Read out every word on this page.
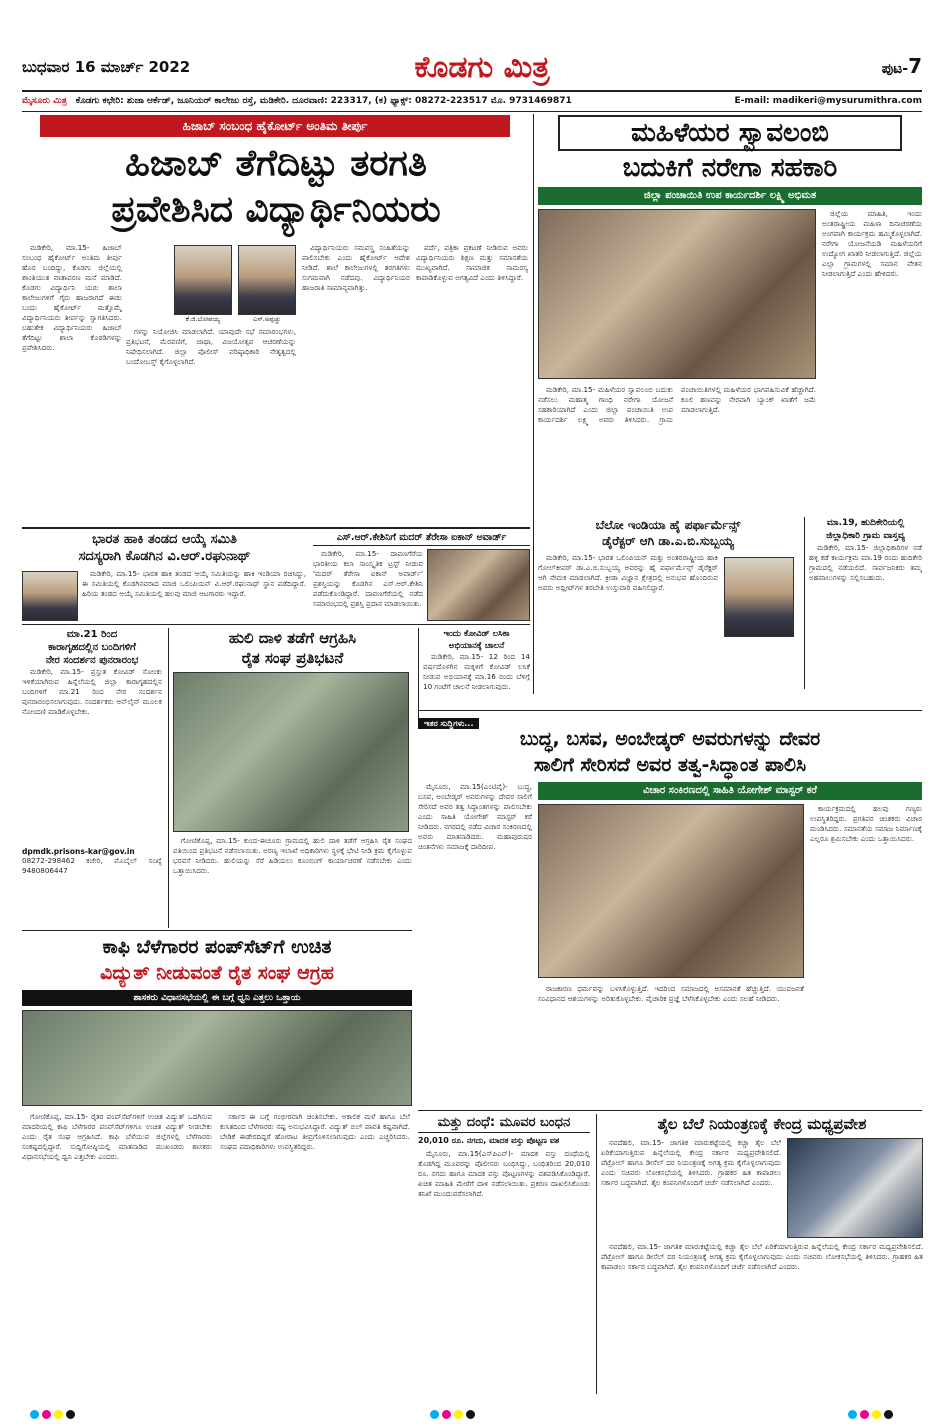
ಬುಧವಾರ 16 ಮಾರ್ಚ್ 2022	ಕೊಡಗು ಮಿತ್ರ	ಪುಟ-7
ಮೈಸೂರು ಮಿತ್ರ ಕೊಡಗು ಕಛೇರಿ: ಶುಜಾ ಆರ್ಕೆಡ್, ಜೂನಿಯರ್ ಕಾಲೇಜು ರಸ್ತೆ, ಮಡಿಕೇರಿ. ದೂರವಾಣಿ: 223317, (ಕ) ಫ್ಯಾಕ್ಸ್: 08272-223517 ಮೊ. 9731469871	E-mail: madikeri@mysurumithra.com
ಹಿಜಾಬ್ ಸಂಬಂಧ ಹೈಕೋರ್ಟ್ ಅಂತಿಮ ತೀರ್ಪು
ಹಿಜಾಬ್ ತೆಗೆದಿಟ್ಟು ತರಗತಿ
ಪ್ರವೇಶಿಸಿದ ವಿದ್ಯಾರ್ಥಿನಿಯರು

ಮಡಿಕೇರಿ, ಮಾ.15- ಹಿಜಾಬ್ ಸಂಬಂಧ ಹೈಕೋರ್ಟ್ ಅಂತಿಮ ತೀರ್ಪು ಹೊರ ಬಂದಿದ್ದು, ಕೊಡಗು ಜಿಲ್ಲೆಯಲ್ಲಿ ಶಾಂತಿಯುತ ವಾತಾವರಣ ಮನೆ ಮಾಡಿದೆ. ಕೊಡಗು ವಿದ್ಯಾರ್ಥಿನಿ ಯರು ಶಾಲಾ ಕಾಲೇಜುಗಳಿಗೆ ಗೈರು ಹಾಜರಾಗದೆ ಈಡು ಬಂದು ಹೈಕೋರ್ಟ್ ಮತ್ತೊಮ್ಮೆ ವಿದ್ಯಾರ್ಥಿನಿಯರು ತೀರ್ಪನ್ನು ಸ್ವಾಗತಿಸಿದರು. ಬಹುತೇಕ ವಿದ್ಯಾರ್ಥಿನಿಯರು ಹಿಜಾಬ್ ತೆಗೆದಿಟ್ಟು ಶಾಲಾ ಕೊಠಡಿಗಳನ್ನು ಪ್ರವೇಶಿಸಿದರು.

ಕೆ.ಜಿ.ಬೋಪಯ್ಯ	ಎಸ್.ಅಪ್ಪಚ್ಚು

ಗಳನ್ನು ನಿಯೋಜಿಸಿ ಮಾಡಲಾಗಿದೆ. ಯಾವುದೇ ಸಭೆ ಸಮಾರಂಭಗಳು, ಪ್ರತಿಭಟನೆ, ಮೆರವಣಿಗೆ, ಜಾಥಾ, ವಿಜಯೋತ್ಸವ ಆಚರಣೆಯನ್ನು ನಿಷೇಧಿಸಲಾಗಿದೆ. ಜಿಲ್ಲಾ ಪೊಲೀಸ್ ವರಿಷ್ಠಾಧಿಕಾರಿ ನೇತೃತ್ವದಲ್ಲಿ ಬಂದೋಬಸ್ತ್ ಕೈಗೊಳ್ಳಲಾಗಿದೆ.

ವಿದ್ಯಾರ್ಥಿನಿಯರು ಸಮವಸ್ತ್ರ ಸಂಹಿತೆಯನ್ನು ಪಾಲಿಸಬೇಕು ಎಂದು ಹೈಕೋರ್ಟ್ ಆದೇಶ ನೀಡಿದೆ. ಶಾಲೆ ಕಾಲೇಜುಗಳಲ್ಲಿ ತರಗತಿಗಳು ಸುಗಮವಾಗಿ ನಡೆದವು. ವಿದ್ಯಾರ್ಥಿನಿಯರ ಹಾಜರಾತಿ ಸಾಮಾನ್ಯವಾಗಿತ್ತು.

ಪರ್ದೆ, ಪತ್ರಿಕಾ ಪ್ರಕಟಣೆ ನೀಡಿರುವ ಅವರು ವಿದ್ಯಾರ್ಥಿನಿಯರು ಶಿಕ್ಷಣ ಮತ್ತು ಸಮಾನತೆಯ ಮುಖ್ಯವಾಗಿದೆ. ಸಾಮಾಜಿಕ ಸಾಮರಸ್ಯ ಕಾಪಾಡಿಕೊಳ್ಳುವ ಅಗತ್ಯವಿದೆ ಎಂದು ತಿಳಿಸಿದ್ದಾರೆ.

ಮಹಿಳೆಯರ ಸ್ವಾವಲಂಬಿ
ಬದುಕಿಗೆ ನರೇಗಾ ಸಹಕಾರಿ
ಜಿಲ್ಲಾ ಪಂಚಾಯಿತಿ ಉಪ ಕಾರ್ಯದರ್ಶಿ ಲಕ್ಷ್ಮಿ ಅಭಿಮತ

ಜಿಲ್ಲೆಯ ಮಾಹಿತಿ, ಇಂದು ಅಂತರಾಷ್ಟ್ರೀಯ ಮಹಿಳಾ ದಿನಾಚರಣೆಯ ಅಂಗವಾಗಿ ಕಾರ್ಯಕ್ರಮ ಹಮ್ಮಿಕೊಳ್ಳಲಾಗಿದೆ. ನರೇಗಾ ಯೋಜನೆಯಡಿ ಮಹಿಳೆಯರಿಗೆ ಉದ್ಯೋಗ ಖಾತರಿ ನೀಡಲಾಗುತ್ತಿದೆ. ಜಿಲ್ಲೆಯ ಎಲ್ಲಾ ಗ್ರಾಮಗಳಲ್ಲಿ ಸಮಾನ ವೇತನ ನೀಡಲಾಗುತ್ತಿದೆ ಎಂದು ಹೇಳಿದರು.

ಮಡಿಕೇರಿ, ಮಾ.15- ಮಹಿಳೆಯರ ಸ್ವಾವಲಂಬಿ ಬದುಕು ನಡೆಸಲು ಮಹಾತ್ಮ ಗಾಂಧಿ ನರೇಗಾ ಯೋಜನೆ ಸಹಕಾರಿಯಾಗಿದೆ ಎಂದು ಜಿಲ್ಲಾ ಪಂಚಾಯಿತಿ ಉಪ ಕಾರ್ಯದರ್ಶಿ ಲಕ್ಷ್ಮಿ ಅವರು ತಿಳಿಸಿದರು. ಗ್ರಾಮ ಪಂಚಾಯಿತಿಗಳಲ್ಲಿ ಮಹಿಳೆಯರ ಭಾಗವಹಿಸುವಿಕೆ ಹೆಚ್ಚಾಗಿದೆ. ಕೂಲಿ ಹಣವನ್ನು ನೇರವಾಗಿ ಬ್ಯಾಂಕ್ ಖಾತೆಗೆ ಜಮೆ ಮಾಡಲಾಗುತ್ತಿದೆ.

ಭಾರತ ಹಾಕಿ ತಂಡದ ಆಯ್ಕೆ ಸಮಿತಿ
ಸದಸ್ಯರಾಗಿ ಕೊಡಗಿನ ವಿ.ಆರ್.ರಘುನಾಥ್

ಮಡಿಕೇರಿ, ಮಾ.15- ಭಾರತ ಹಾಕಿ ತಂಡದ ಆಯ್ಕೆ ಸಮಿತಿಯನ್ನು ಹಾಕಿ ಇಂಡಿಯಾ ರಚಿಸಿದ್ದು, ಈ ಸಮಿತಿಯಲ್ಲಿ ಕೊಡಗಿನವರಾದ ಮಾಜಿ ಒಲಿಂಪಿಯನ್ ವಿ.ಆರ್.ರಘುನಾಥ್ ಸ್ಥಾನ ಪಡೆದಿದ್ದಾರೆ. ಹಿರಿಯ ತಂಡದ ಆಯ್ಕೆ ಸಮಿತಿಯಲ್ಲಿ ಹಲವು ಮಾಜಿ ಆಟಗಾರರು ಇದ್ದಾರೆ.

ಎಸ್.ಆರ್.ಕೇಶಿನಿಗೆ ಮದರ್ ತೆರೇಸಾ ಐಕಾನ್ ಅವಾರ್ಡ್

ಮಡಿಕೇರಿ, ಮಾ.15- ದಾವಣಗೆರೆಯ ಭಾರತೀಯ ಕಲಾ ಸಾಂಸ್ಕೃತಿಕ ಟ್ರಸ್ಟ್ ನೀಡುವ 'ಮದರ್ ತೆರೇಸಾ ಐಕಾನ್ ಅವಾರ್ಡ್' ಪ್ರಶಸ್ತಿಯನ್ನು ಕೊಡಗಿನ ಎಸ್.ಆರ್.ಕೇಶಿನಿ ಪಡೆದುಕೊಂಡಿದ್ದಾರೆ. ದಾವಣಗೆರೆಯಲ್ಲಿ ನಡೆದ ಸಮಾರಂಭದಲ್ಲಿ ಪ್ರಶಸ್ತಿ ಪ್ರದಾನ ಮಾಡಲಾಯಿತು.

ಬೆಲೋ ಇಂಡಿಯಾ ಹೈ ಪರ್ಫಾರ್ಮೆನ್ಸ್
ಡೈರೆಕ್ಟರ್ ಆಗಿ ಡಾ.ಎ.ಬಿ.ಸುಬ್ಬಯ್ಯ

ಮಡಿಕೇರಿ, ಮಾ.15- ಭಾರತ ಒಲಿಂಪಿಯನ್ ಮತ್ತು ಅಂತರರಾಷ್ಟ್ರೀಯ ಹಾಕಿ ಗೋಲ್‌ಕೀಪರ್ ಡಾ.ಎ.ಬಿ.ಸುಬ್ಬಯ್ಯ ಅವರನ್ನು ಹೈ ಪರ್ಫಾರ್ಮೆನ್ಸ್ ಡೈರೆಕ್ಟರ್ ಆಗಿ ನೇಮಕ ಮಾಡಲಾಗಿದೆ. ಕ್ರೀಡಾ ವಿಜ್ಞಾನ ಕ್ಷೇತ್ರದಲ್ಲಿ ಅನುಭವ ಹೊಂದಿರುವ ಅವರು ಅಥ್ಲೀಟ್‌ಗಳ ತರಬೇತಿ ಉಸ್ತುವಾರಿ ವಹಿಸಲಿದ್ದಾರೆ.

ಮಾ.19, ಹುದಿಕೇರಿಯಲ್ಲಿ
ಜಿಲ್ಲಾಧಿಕಾರಿ ಗ್ರಾಮ ವಾಸ್ತವ್ಯ

ಮಡಿಕೇರಿ, ಮಾ.15- ಜಿಲ್ಲಾಧಿಕಾರಿಗಳ ನಡೆ ಹಳ್ಳಿ ಕಡೆ ಕಾರ್ಯಕ್ರಮ ಮಾ.19 ರಂದು ಹುದಿಕೇರಿ ಗ್ರಾಮದಲ್ಲಿ ನಡೆಯಲಿದೆ. ಸಾರ್ವಜನಿಕರು ತಮ್ಮ ಅಹವಾಲುಗಳನ್ನು ಸಲ್ಲಿಸಬಹುದು.

ಮಾ.21 ರಿಂದ
ಕಾರಾಗೃಹದಲ್ಲಿನ ಬಂದಿಗಳಿಗೆ
ನೇರ ಸಂದರ್ಶನ ಪುನರಾರಂಭ

ಮಡಿಕೇರಿ, ಮಾ.15- ಪ್ರಸ್ತುತ ಕೋವಿಡ್ ಸೋಂಕು ಇಳಿಕೆಯಾಗಿರುವ ಹಿನ್ನೆಲೆಯಲ್ಲಿ ಜಿಲ್ಲಾ ಕಾರಾಗೃಹದಲ್ಲಿನ ಬಂದಿಗಳಿಗೆ ಮಾ.21 ರಿಂದ ನೇರ ಸಂದರ್ಶನ ಪುನರಾರಂಭಿಸಲಾಗುವುದು. ಸಂದರ್ಶಕರು ಆನ್‌ಲೈನ್ ಮೂಲಕ ನೋಂದಣಿ ಮಾಡಿಕೊಳ್ಳಬೇಕು.

dpmdk.prisons-kar@gov.in
08272-298462 ಕಚೇರಿ, ಮೊಬೈಲ್ ಸಂಖ್ಯೆ 9480806447
ಹುಲಿ ದಾಳಿ ತಡೆಗೆ ಆಗ್ರಹಿಸಿ
ರೈತ ಸಂಘ ಪ್ರತಿಭಟನೆ

ಗೋಣಿಕೊಪ್ಪ, ಮಾ.15- ಕುಂದ-ಈಚೂರು ಗ್ರಾಮದಲ್ಲಿ ಹುಲಿ ದಾಳಿ ತಡೆಗೆ ಆಗ್ರಹಿಸಿ ರೈತ ಸಂಘದ ವತಿಯಿಂದ ಪ್ರತಿಭಟನೆ ನಡೆಸಲಾಯಿತು. ಅರಣ್ಯ ಇಲಾಖೆ ಅಧಿಕಾರಿಗಳು ಸ್ಥಳಕ್ಕೆ ಭೇಟಿ ನೀಡಿ ಕ್ರಮ ಕೈಗೊಳ್ಳುವ ಭರವಸೆ ನೀಡಿದರು. ಹುಲಿಯನ್ನು ಸೆರೆ ಹಿಡಿಯಲು ಕೂಂಬಿಂಗ್ ಕಾರ್ಯಾಚರಣೆ ನಡೆಸಬೇಕು ಎಂದು ಒತ್ತಾಯಿಸಿದರು.

ಇಂದು ಕೋವಿಡ್ ಲಸಿಕಾ
ಅಭಿಯಾನಕ್ಕೆ ಚಾಲನೆ

ಮಡಿಕೇರಿ, ಮಾ.15- 12 ರಿಂದ 14 ವರ್ಷದೊಳಗಿನ ಮಕ್ಕಳಿಗೆ ಕೋವಿಡ್ ಲಸಿಕೆ ನೀಡುವ ಅಭಿಯಾನಕ್ಕೆ ಮಾ.16 ರಂದು ಬೆಳಿಗ್ಗೆ 10 ಗಂಟೆಗೆ ಚಾಲನೆ ನೀಡಲಾಗುವುದು.

ಇತರ ಸುದ್ದಿಗಳು...
ಬುದ್ಧ, ಬಸವ, ಅಂಬೇಡ್ಕರ್ ಅವರುಗಳನ್ನು ದೇವರ
ಸಾಲಿಗೆ ಸೇರಿಸದೆ ಅವರ ತತ್ವ-ಸಿದ್ಧಾಂತ ಪಾಲಿಸಿ
ವಿಚಾರ ಸಂಕಿರಣದಲ್ಲಿ ಸಾಹಿತಿ ಯೋಗೇಶ್ ಮಾಸ್ಟರ್ ಕರೆ

ಮೈಸೂರು, ಮಾ.15(ಎಂಟಿವೈ)- ಬುದ್ಧ, ಬಸವ, ಅಂಬೇಡ್ಕರ್ ಅವರುಗಳನ್ನು ದೇವರ ಸಾಲಿಗೆ ಸೇರಿಸದೆ ಅವರ ತತ್ವ ಸಿದ್ಧಾಂತಗಳನ್ನು ಪಾಲಿಸಬೇಕು ಎಂದು ಸಾಹಿತಿ ಯೋಗೇಶ್ ಮಾಸ್ಟರ್ ಕರೆ ನೀಡಿದರು. ನಗರದಲ್ಲಿ ನಡೆದ ವಿಚಾರ ಸಂಕಿರಣದಲ್ಲಿ ಅವರು ಮಾತನಾಡಿದರು. ಮಹಾಪುರುಷರ ಚಿಂತನೆಗಳು ಸಮಾಜಕ್ಕೆ ದಾರಿದೀಪ.

ರಾಜಕಾರಣ ಧರ್ಮವನ್ನು ಬಳಸಿಕೊಳ್ಳುತ್ತಿದೆ. ಇದರಿಂದ ಸಮಾಜದಲ್ಲಿ ಅಸಮಾನತೆ ಹೆಚ್ಚುತ್ತಿದೆ. ಯುವಜನತೆ ಸಂವಿಧಾನದ ಆಶಯಗಳನ್ನು ಅರಿತುಕೊಳ್ಳಬೇಕು. ವೈಚಾರಿಕ ಪ್ರಜ್ಞೆ ಬೆಳೆಸಿಕೊಳ್ಳಬೇಕು ಎಂದು ಸಲಹೆ ನೀಡಿದರು.

ಕಾರ್ಯಕ್ರಮದಲ್ಲಿ ಹಲವು ಗಣ್ಯರು ಉಪಸ್ಥಿತರಿದ್ದರು. ಪ್ರಗತಿಪರ ಚಿಂತಕರು ವಿಚಾರ ಮಂಡಿಸಿದರು. ಸಮಾನತೆಯ ಸಮಾಜ ನಿರ್ಮಾಣಕ್ಕೆ ಎಲ್ಲರೂ ಶ್ರಮಿಸಬೇಕು ಎಂದು ಒತ್ತಾಯಿಸಿದರು.

ಕಾಫಿ ಬೆಳೆಗಾರರ ಪಂಪ್‌ಸೆಟ್‌ಗೆ ಉಚಿತ
ವಿದ್ಯುತ್ ನೀಡುವಂತೆ ರೈತ ಸಂಘ ಆಗ್ರಹ
ಶಾಸಕರು ವಿಧಾನಸಭೆಯಲ್ಲಿ ಈ ಬಗ್ಗೆ ಧ್ವನಿ ಎತ್ತಲು ಒತ್ತಾಯ

ಗೋಣಿಕೊಪ್ಪ, ಮಾ.15- ರೈತರ ಪಂಪ್‌ಸೆಟ್‌ಗಳಿಗೆ ಉಚಿತ ವಿದ್ಯುತ್ ಒದಗಿಸುವ ಮಾದರಿಯಲ್ಲಿ ಕಾಫಿ ಬೆಳೆಗಾರರ ಪಂಪ್‌ಸೆಟ್‌ಗಳಿಗೂ ಉಚಿತ ವಿದ್ಯುತ್ ನೀಡಬೇಕು ಎಂದು ರೈತ ಸಂಘ ಆಗ್ರಹಿಸಿದೆ. ಕಾಫಿ ಬೆಳೆಯುವ ಜಿಲ್ಲೆಗಳಲ್ಲಿ ಬೆಳೆಗಾರರು ಸಂಕಷ್ಟದಲ್ಲಿದ್ದಾರೆ. ಸುದ್ದಿಗೋಷ್ಠಿಯಲ್ಲಿ ಮಾತನಾಡಿದ ಮುಖಂಡರು ಶಾಸಕರು ವಿಧಾನಸಭೆಯಲ್ಲಿ ಧ್ವನಿ ಎತ್ತಬೇಕು ಎಂದರು.

ಸರ್ಕಾರ ಈ ಬಗ್ಗೆ ಗಂಭೀರವಾಗಿ ಚಿಂತಿಸಬೇಕು. ಅಕಾಲಿಕ ಮಳೆ ಹಾಗೂ ಬೆಲೆ ಕುಸಿತದಿಂದ ಬೆಳೆಗಾರರು ನಷ್ಟ ಅನುಭವಿಸಿದ್ದಾರೆ. ವಿದ್ಯುತ್ ಬಿಲ್ ಪಾವತಿ ಕಷ್ಟವಾಗಿದೆ. ಬೇಡಿಕೆ ಈಡೇರದಿದ್ದರೆ ಹೋರಾಟ ತೀವ್ರಗೊಳಿಸಲಾಗುವುದು ಎಂದು ಎಚ್ಚರಿಸಿದರು. ಸಂಘದ ಪದಾಧಿಕಾರಿಗಳು ಉಪಸ್ಥಿತರಿದ್ದರು.

ಮತ್ತು ದಂಧೆ: ಮೂವರ ಬಂಧನ
20,010 ರೂ. ನಗದು, ಮಾದಕ ವಸ್ತು ಪೊಟ್ಟಣ ವಶ

ಮೈಸೂರು, ಮಾ.15(ಎಸ್‌ಪಿಎನ್)- ಮಾದಕ ವಸ್ತು ದಂಧೆಯಲ್ಲಿ ತೊಡಗಿದ್ದ ಮೂವರನ್ನು ಪೊಲೀಸರು ಬಂಧಿಸಿದ್ದು, ಬಂಧಿತರಿಂದ 20,010 ರೂ. ನಗದು ಹಾಗೂ ಮಾದಕ ವಸ್ತು ಪೊಟ್ಟಣಗಳನ್ನು ವಶಪಡಿಸಿಕೊಂಡಿದ್ದಾರೆ. ಖಚಿತ ಮಾಹಿತಿ ಮೇರೆಗೆ ದಾಳಿ ನಡೆಸಲಾಯಿತು. ಪ್ರಕರಣ ದಾಖಲಿಸಿಕೊಂಡು ತನಿಖೆ ಮುಂದುವರೆಸಲಾಗಿದೆ.

ತೈಲ ಬೆಲೆ ನಿಯಂತ್ರಣಕ್ಕೆ ಕೇಂದ್ರ ಮಧ್ಯಪ್ರವೇಶ

ನವದೆಹಲಿ, ಮಾ.15- ಜಾಗತಿಕ ಮಾರುಕಟ್ಟೆಯಲ್ಲಿ ಕಚ್ಚಾ ತೈಲ ಬೆಲೆ ಏರಿಕೆಯಾಗುತ್ತಿರುವ ಹಿನ್ನೆಲೆಯಲ್ಲಿ ಕೇಂದ್ರ ಸರ್ಕಾರ ಮಧ್ಯಪ್ರವೇಶಿಸಲಿದೆ. ಪೆಟ್ರೋಲ್ ಹಾಗೂ ಡೀಸೆಲ್ ದರ ನಿಯಂತ್ರಣಕ್ಕೆ ಅಗತ್ಯ ಕ್ರಮ ಕೈಗೊಳ್ಳಲಾಗುವುದು ಎಂದು ಸಚಿವರು ಲೋಕಸಭೆಯಲ್ಲಿ ತಿಳಿಸಿದರು. ಗ್ರಾಹಕರ ಹಿತ ಕಾಪಾಡಲು ಸರ್ಕಾರ ಬದ್ಧವಾಗಿದೆ. ತೈಲ ಕಂಪನಿಗಳೊಂದಿಗೆ ಚರ್ಚೆ ನಡೆಸಲಾಗಿದೆ ಎಂದರು.

ನವದೆಹಲಿ, ಮಾ.15- ಜಾಗತಿಕ ಮಾರುಕಟ್ಟೆಯಲ್ಲಿ ಕಚ್ಚಾ ತೈಲ ಬೆಲೆ ಏರಿಕೆಯಾಗುತ್ತಿರುವ ಹಿನ್ನೆಲೆಯಲ್ಲಿ ಕೇಂದ್ರ ಸರ್ಕಾರ ಮಧ್ಯಪ್ರವೇಶಿಸಲಿದೆ. ಪೆಟ್ರೋಲ್ ಹಾಗೂ ಡೀಸೆಲ್ ದರ ನಿಯಂತ್ರಣಕ್ಕೆ ಅಗತ್ಯ ಕ್ರಮ ಕೈಗೊಳ್ಳಲಾಗುವುದು ಎಂದು ಸಚಿವರು ಲೋಕಸಭೆಯಲ್ಲಿ ತಿಳಿಸಿದರು. ಗ್ರಾಹಕರ ಹಿತ ಕಾಪಾಡಲು ಸರ್ಕಾರ ಬದ್ಧವಾಗಿದೆ. ತೈಲ ಕಂಪನಿಗಳೊಂದಿಗೆ ಚರ್ಚೆ ನಡೆಸಲಾಗಿದೆ ಎಂದರು.
